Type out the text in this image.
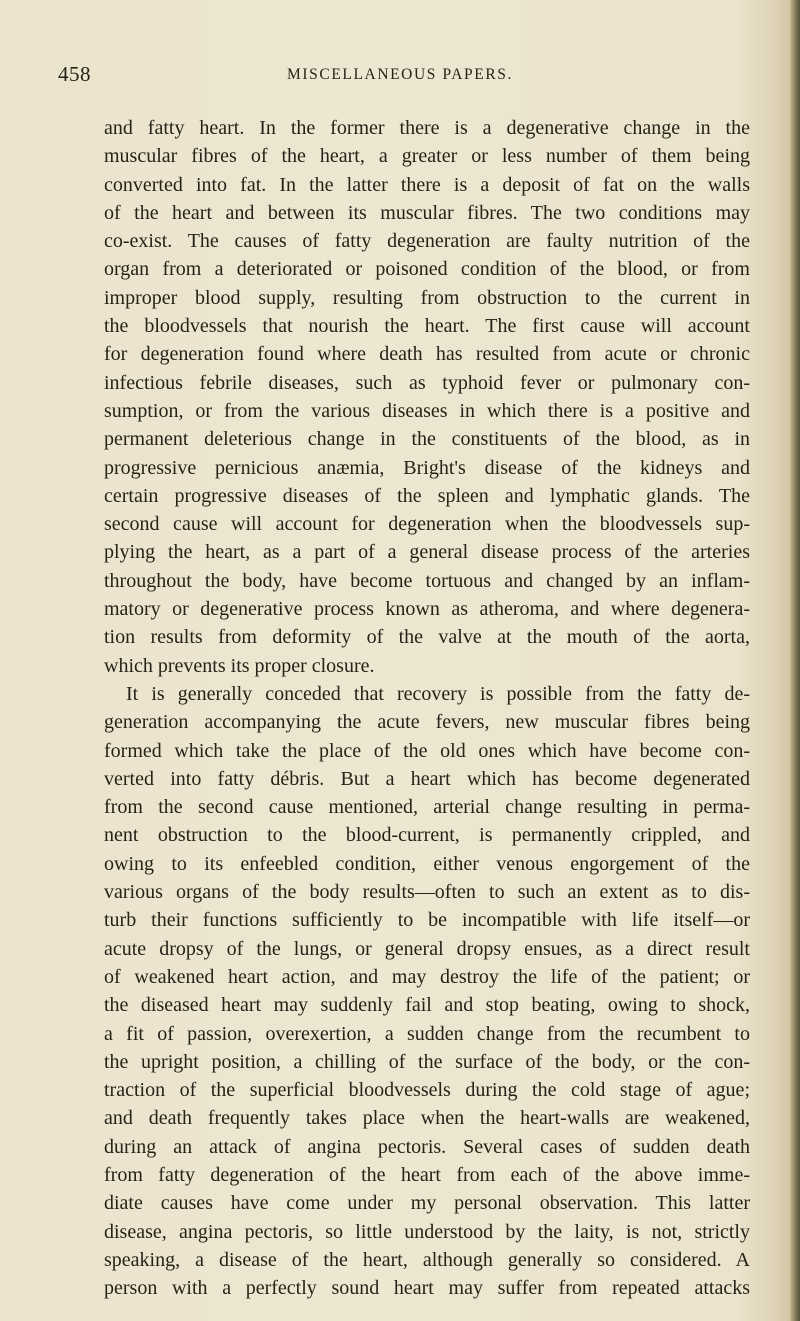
458	MISCELLANEOUS PAPERS.
and fatty heart. In the former there is a degenerative change in the
muscular fibres of the heart, a greater or less number of them being
converted into fat. In the latter there is a deposit of fat on the walls
of the heart and between its muscular fibres. The two conditions may
co-exist. The causes of fatty degeneration are faulty nutrition of the
organ from a deteriorated or poisoned condition of the blood, or from
improper blood supply, resulting from obstruction to the current in
the bloodvessels that nourish the heart. The first cause will account
for degeneration found where death has resulted from acute or chronic
infectious febrile diseases, such as typhoid fever or pulmonary con-
sumption, or from the various diseases in which there is a positive and
permanent deleterious change in the constituents of the blood, as in
progressive pernicious anæmia, Bright's disease of the kidneys and
certain progressive diseases of the spleen and lymphatic glands. The
second cause will account for degeneration when the bloodvessels sup-
plying the heart, as a part of a general disease process of the arteries
throughout the body, have become tortuous and changed by an inflam-
matory or degenerative process known as atheroma, and where degenera-
tion results from deformity of the valve at the mouth of the aorta,
which prevents its proper closure.
It is generally conceded that recovery is possible from the fatty de-
generation accompanying the acute fevers, new muscular fibres being
formed which take the place of the old ones which have become con-
verted into fatty débris. But a heart which has become degenerated
from the second cause mentioned, arterial change resulting in perma-
nent obstruction to the blood-current, is permanently crippled, and
owing to its enfeebled condition, either venous engorgement of the
various organs of the body results—often to such an extent as to dis-
turb their functions sufficiently to be incompatible with life itself—or
acute dropsy of the lungs, or general dropsy ensues, as a direct result
of weakened heart action, and may destroy the life of the patient; or
the diseased heart may suddenly fail and stop beating, owing to shock,
a fit of passion, overexertion, a sudden change from the recumbent to
the upright position, a chilling of the surface of the body, or the con-
traction of the superficial bloodvessels during the cold stage of ague;
and death frequently takes place when the heart-walls are weakened,
during an attack of angina pectoris. Several cases of sudden death
from fatty degeneration of the heart from each of the above imme-
diate causes have come under my personal observation. This latter
disease, angina pectoris, so little understood by the laity, is not, strictly
speaking, a disease of the heart, although generally so considered. A
person with a perfectly sound heart may suffer from repeated attacks
